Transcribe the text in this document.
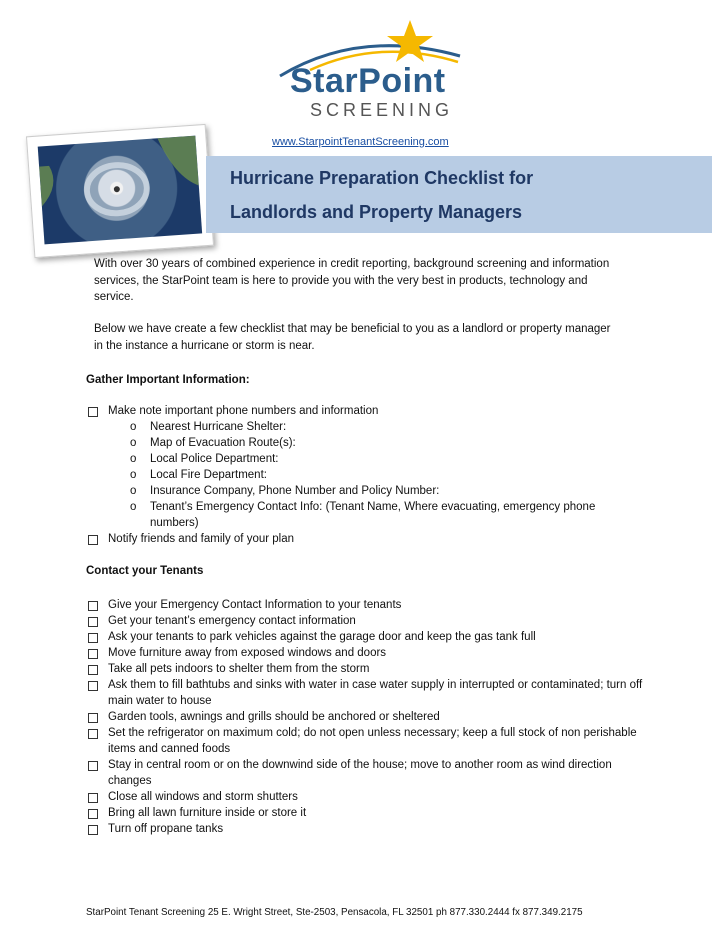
StarPoint
SCREENING
www.StarpointTenantScreening.com
Hurricane Preparation Checklist for
Landlords and Property Managers
With over 30 years of combined experience in credit reporting, background screening and information services, the StarPoint team is here to provide you with the very best in products, technology and service.
Below we have create a few checklist that may be beneficial to you as a landlord or property manager in the instance a hurricane or storm is near.
Gather Important Information:
Make note important phone numbers and information
o Nearest Hurricane Shelter:
o Map of Evacuation Route(s):
o Local Police Department:
o Local Fire Department:
o Insurance Company, Phone Number and Policy Number:
o Tenant’s Emergency Contact Info: (Tenant Name, Where evacuating, emergency phone numbers)
Notify friends and family of your plan
Contact your Tenants
Give your Emergency Contact Information to your tenants
Get your tenant’s emergency contact information
Ask your tenants to park vehicles against the garage door and keep the gas tank full
Move furniture away from exposed windows and doors
Take all pets indoors to shelter them from the storm
Ask them to fill bathtubs and sinks with water in case water supply in interrupted or contaminated; turn off main water to house
Garden tools, awnings and grills should be anchored or sheltered
Set the refrigerator on maximum cold; do not open unless necessary; keep a full stock of non perishable items and canned foods
Stay in central room or on the downwind side of the house; move to another room as wind direction changes
Close all windows and storm shutters
Bring all lawn furniture inside or store it
Turn off propane tanks
StarPoint Tenant Screening 25 E. Wright Street, Ste-2503, Pensacola, FL 32501 ph 877.330.2444 fx 877.349.2175
